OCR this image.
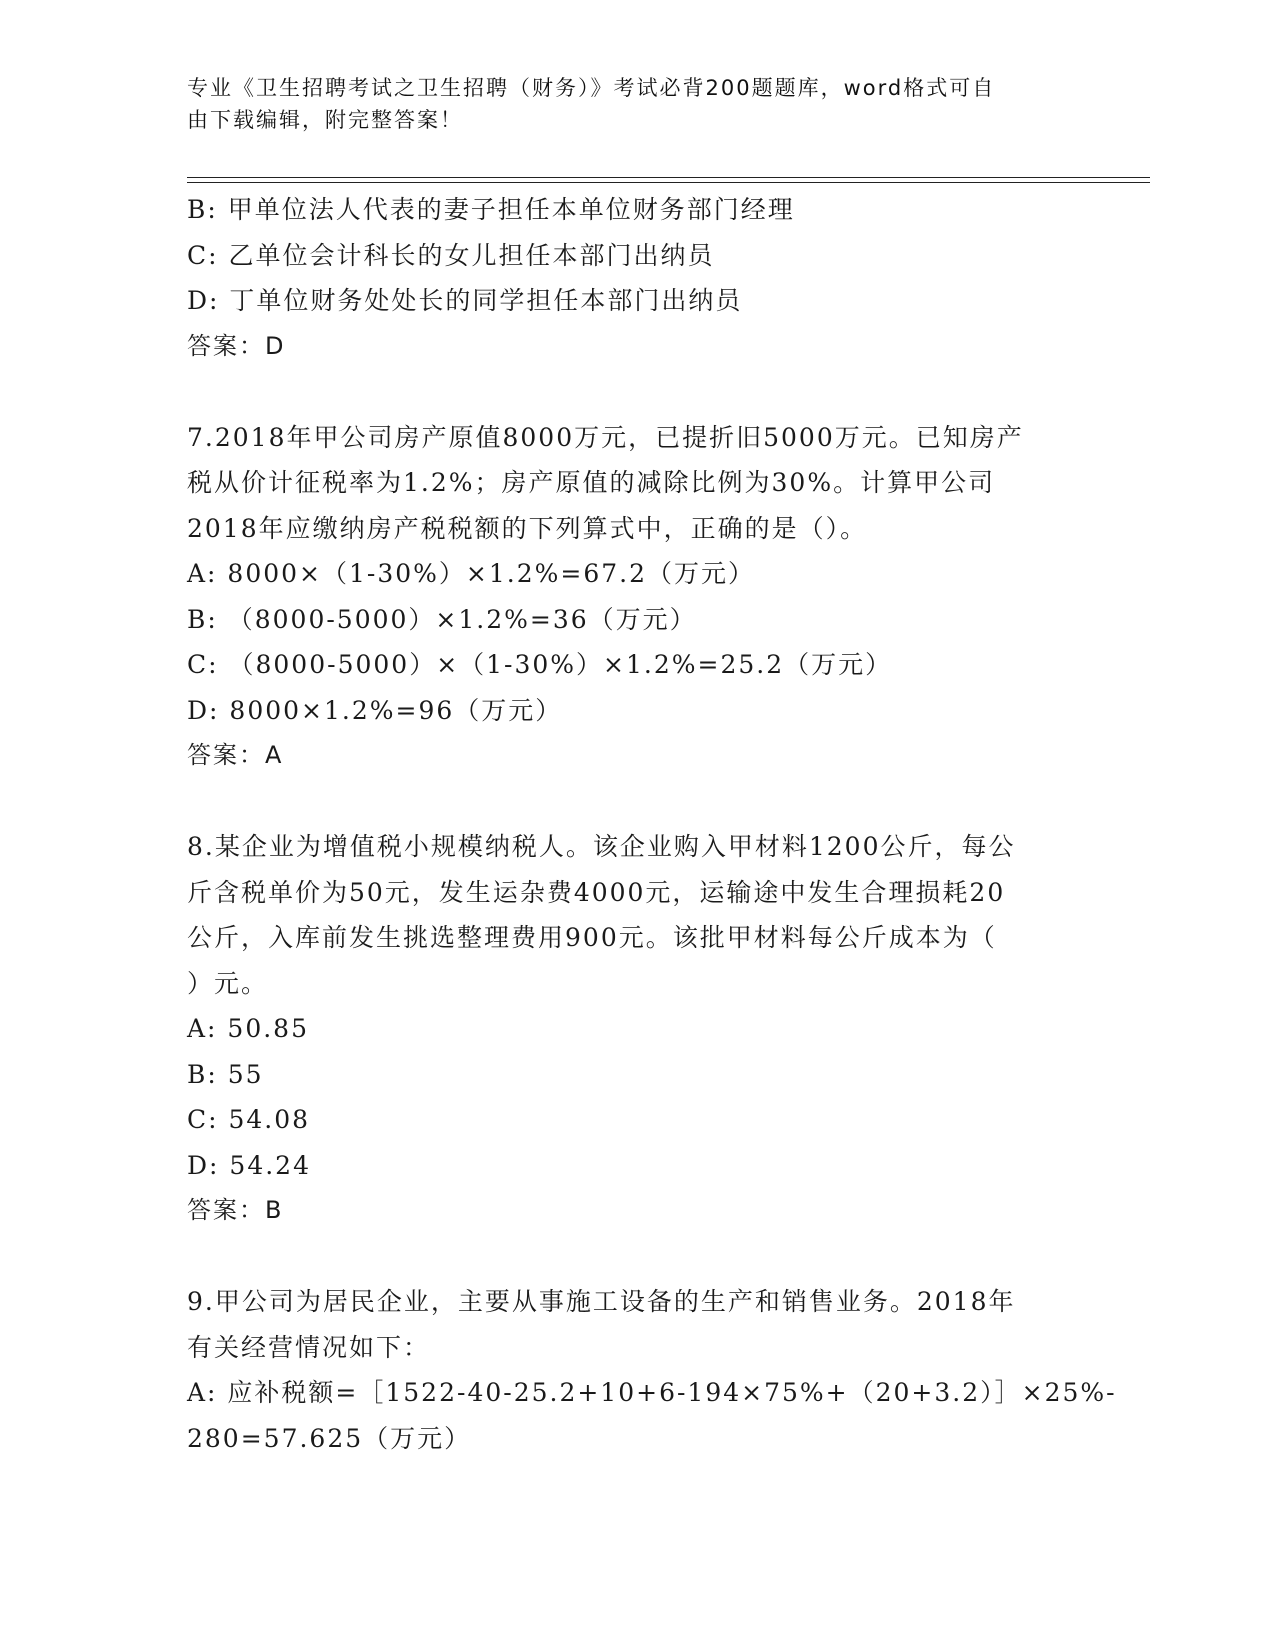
专业《卫生招聘考试之卫生招聘（财务）》考试必背200题题库，word格式可自
由下载编辑，附完整答案！
B: 甲单位法人代表的妻子担任本单位财务部门经理
C: 乙单位会计科长的女儿担任本部门出纳员
D: 丁单位财务处处长的同学担任本部门出纳员
答案：D
7.2018年甲公司房产原值8000万元，已提折旧5000万元。已知房产
税从价计征税率为1.2%；房产原值的减除比例为30%。计算甲公司
2018年应缴纳房产税税额的下列算式中，正确的是（）。
A: 8000×（1-30%）×1.2%=67.2（万元）
B: （8000-5000）×1.2%=36（万元）
C: （8000-5000）×（1-30%）×1.2%=25.2（万元）
D: 8000×1.2%=96（万元）
答案：A
8.某企业为增值税小规模纳税人。该企业购入甲材料1200公斤，每公
斤含税单价为50元，发生运杂费4000元，运输途中发生合理损耗20
公斤，入库前发生挑选整理费用900元。该批甲材料每公斤成本为（
）元。
A: 50.85
B: 55
C: 54.08
D: 54.24
答案：B
9.甲公司为居民企业，主要从事施工设备的生产和销售业务。2018年
有关经营情况如下：
A: 应补税额=［1522-40-25.2+10+6-194×75%+（20+3.2）］×25%-
280=57.625（万元）
